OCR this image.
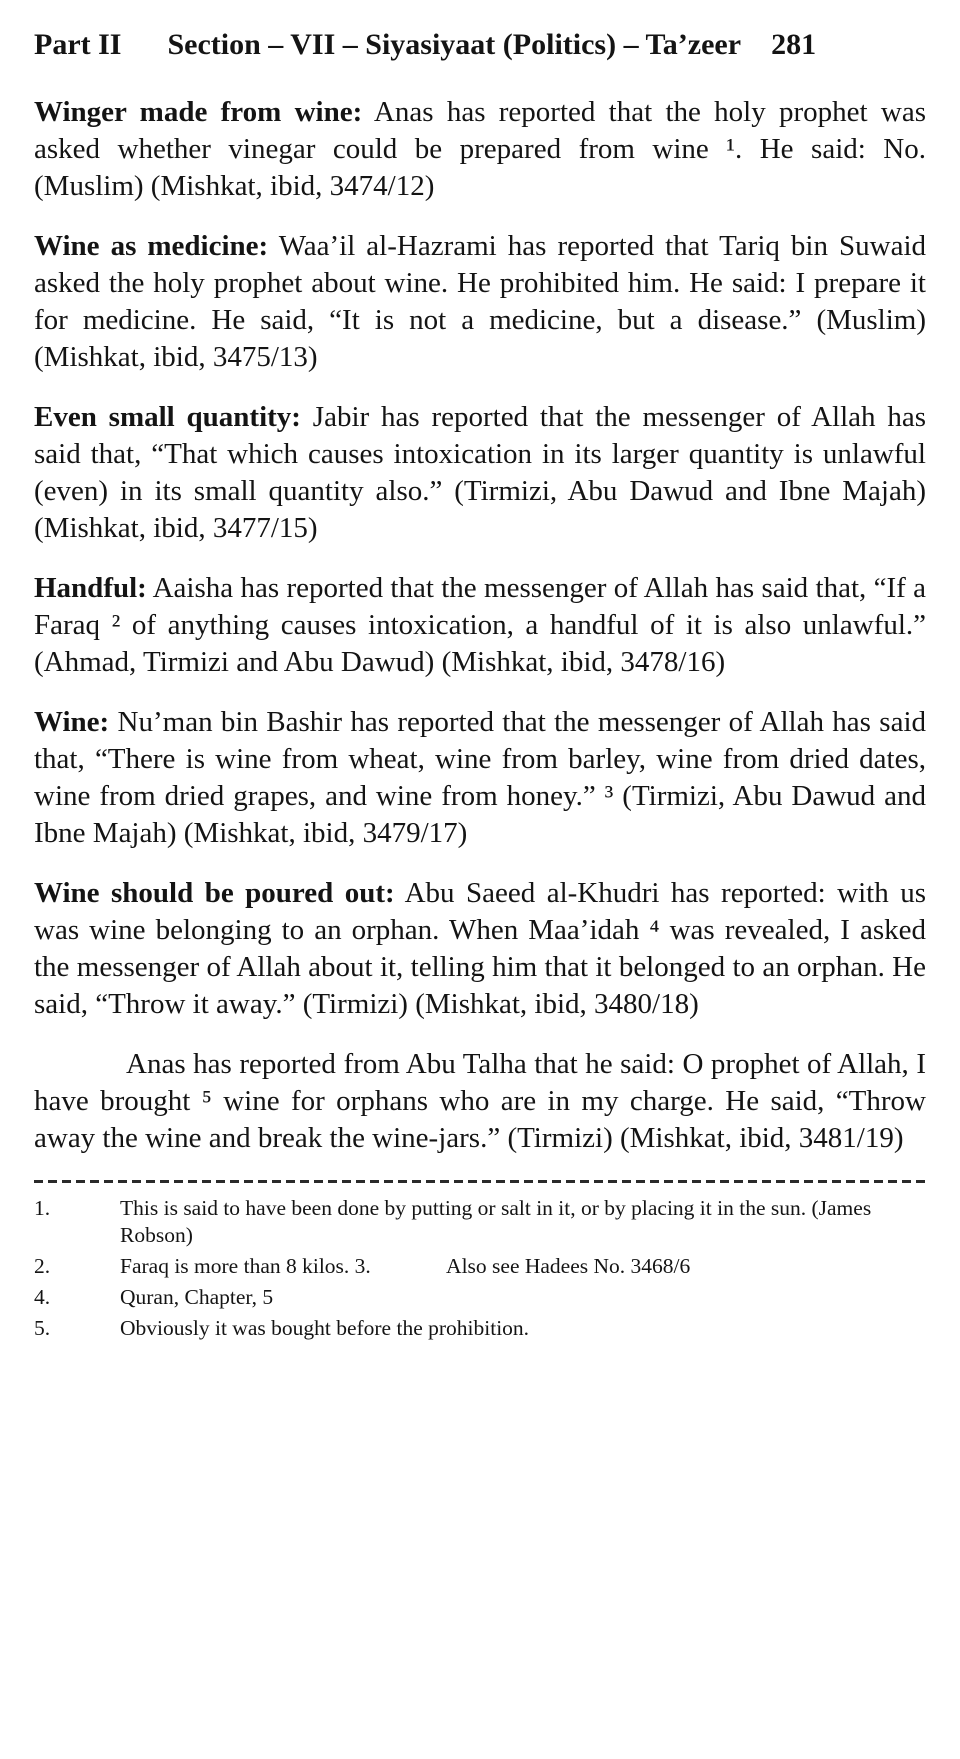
Part II Section – VII – Siyasiyaat (Politics) – Ta’zeer 281

Winger made from wine: Anas has reported that the holy prophet was asked whether vinegar could be prepared from wine ¹. He said: No. (Muslim) (Mishkat, ibid, 3474/12)

Wine as medicine: Waa’il al-Hazrami has reported that Tariq bin Suwaid asked the holy prophet about wine. He prohibited him. He said: I prepare it for medicine. He said, “It is not a medicine, but a disease.” (Muslim) (Mishkat, ibid, 3475/13)

Even small quantity: Jabir has reported that the messenger of Allah has said that, “That which causes intoxication in its larger quantity is unlawful (even) in its small quantity also.” (Tirmizi, Abu Dawud and Ibne Majah) (Mishkat, ibid, 3477/15)

Handful: Aaisha has reported that the messenger of Allah has said that, “If a Faraq ² of anything causes intoxication, a handful of it is also unlawful.” (Ahmad, Tirmizi and Abu Dawud) (Mishkat, ibid, 3478/16)

Wine: Nu’man bin Bashir has reported that the messenger of Allah has said that, “There is wine from wheat, wine from barley, wine from dried dates, wine from dried grapes, and wine from honey.” ³ (Tirmizi, Abu Dawud and Ibne Majah) (Mishkat, ibid, 3479/17)

Wine should be poured out: Abu Saeed al-Khudri has reported: with us was wine belonging to an orphan. When Maa’idah ⁴ was revealed, I asked the messenger of Allah about it, telling him that it belonged to an orphan. He said, “Throw it away.” (Tirmizi) (Mishkat, ibid, 3480/18)

Anas has reported from Abu Talha that he said: O prophet of Allah, I have brought ⁵ wine for orphans who are in my charge. He said, “Throw away the wine and break the wine-jars.” (Tirmizi) (Mishkat, ibid, 3481/19)

1.	This is said to have been done by putting or salt in it, or by placing it in the sun. (James Robson)
2.	Faraq is more than 8 kilos. 3.              Also see Hadees No. 3468/6
4.	Quran, Chapter, 5
5.	Obviously it was bought before the prohibition.
